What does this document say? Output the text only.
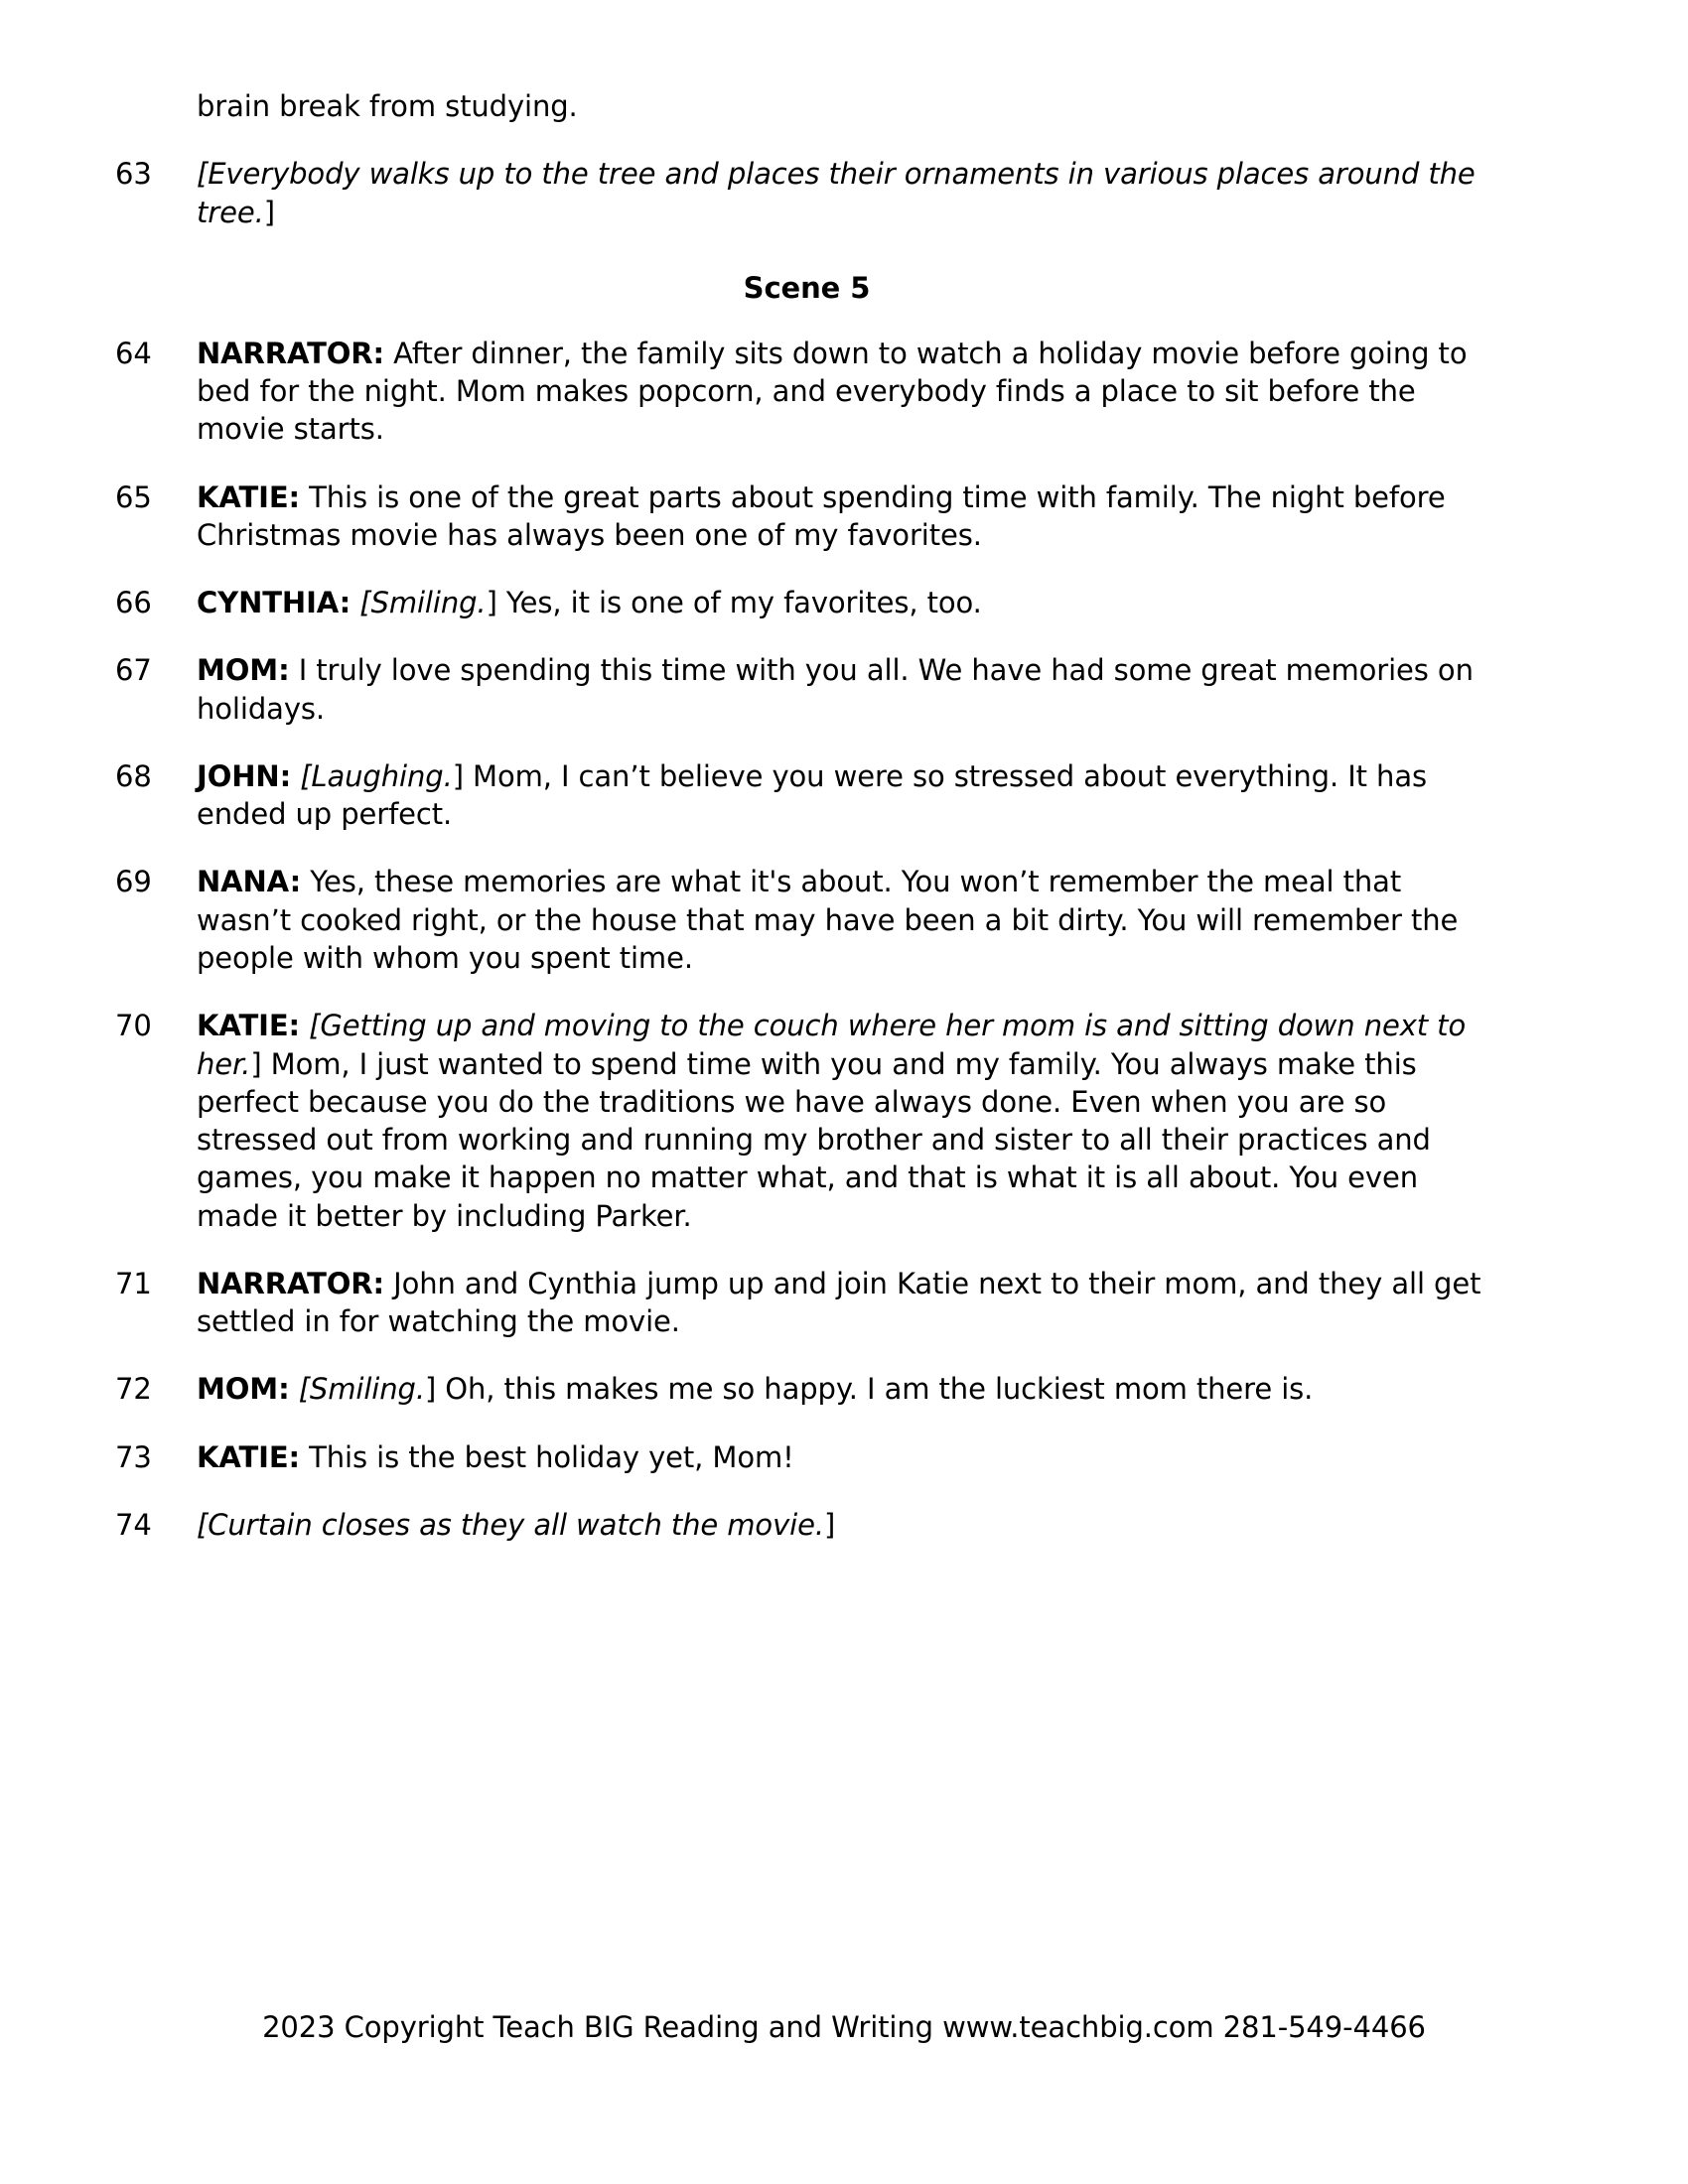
brain break from studying.

63	[Everybody walks up to the tree and places their ornaments in various places around the tree.]
Scene 5
64	NARRATOR: After dinner, the family sits down to watch a holiday movie before going to bed for the night. Mom makes popcorn, and everybody finds a place to sit before the movie starts.
65	KATIE: This is one of the great parts about spending time with family. The night before Christmas movie has always been one of my favorites.
66	CYNTHIA: [Smiling.] Yes, it is one of my favorites, too.
67	MOM: I truly love spending this time with you all. We have had some great memories on holidays.
68	JOHN: [Laughing.] Mom, I can’t believe you were so stressed about everything. It has ended up perfect.
69	NANA: Yes, these memories are what it's about. You won’t remember the meal that wasn’t cooked right, or the house that may have been a bit dirty. You will remember the people with whom you spent time.
70	KATIE: [Getting up and moving to the couch where her mom is and sitting down next to her.] Mom, I just wanted to spend time with you and my family. You always make this perfect because you do the traditions we have always done. Even when you are so stressed out from working and running my brother and sister to all their practices and games, you make it happen no matter what, and that is what it is all about. You even made it better by including Parker.
71	NARRATOR: John and Cynthia jump up and join Katie next to their mom, and they all get settled in for watching the movie.
72	MOM: [Smiling.] Oh, this makes me so happy. I am the luckiest mom there is.
73	KATIE: This is the best holiday yet, Mom!
74	[Curtain closes as they all watch the movie.]
2023 Copyright Teach BIG Reading and Writing www.teachbig.com 281-549-4466
